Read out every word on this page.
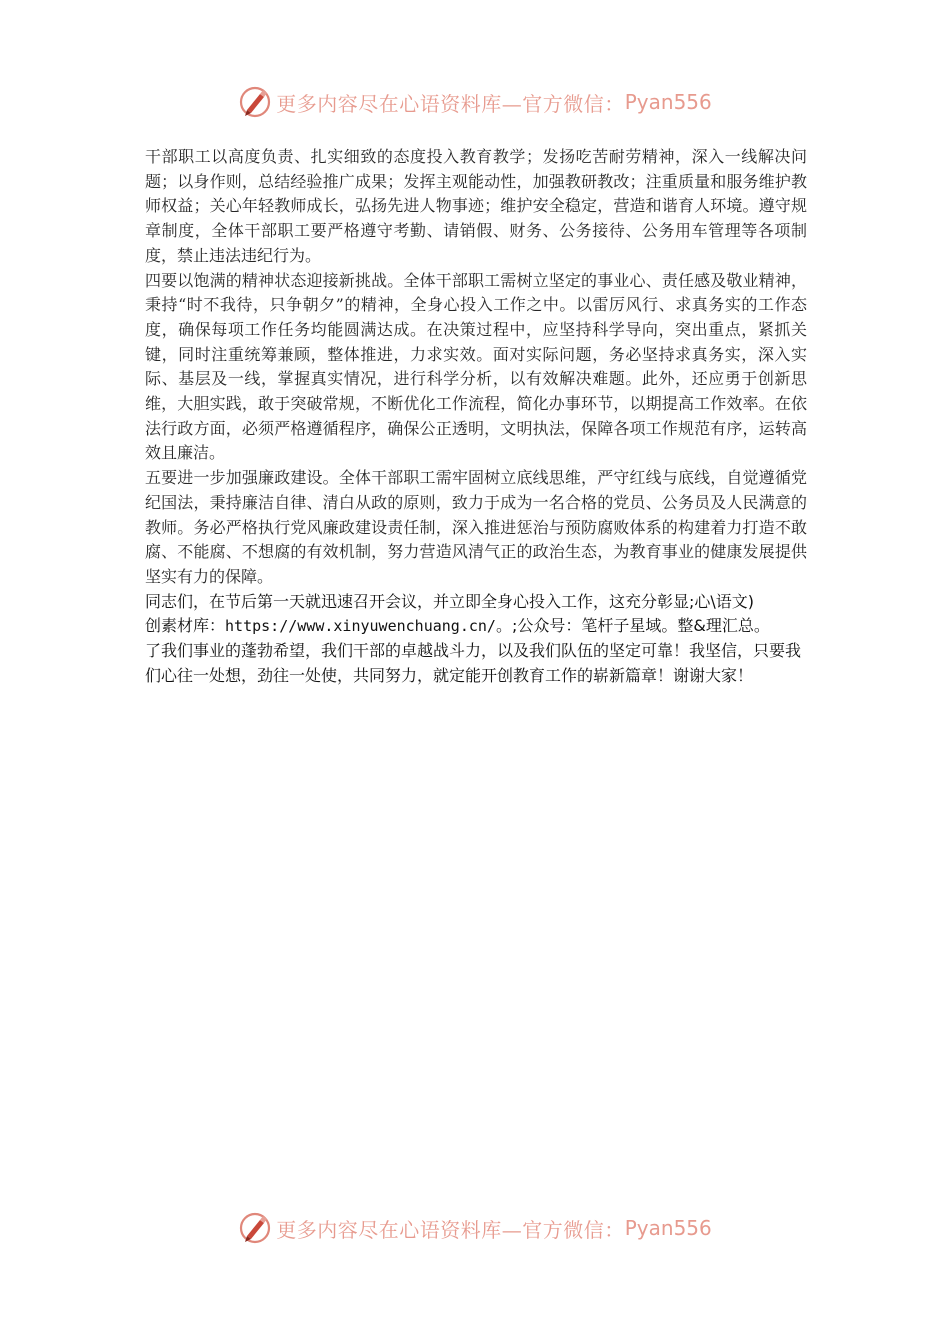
更多内容尽在心语资料库—官方微信： Pyan556

干部职工以高度负责、扎实细致的态度投入教育教学；发扬吃苦耐劳精神，深入一线解决问题；以身作则，总结经验推广成果；发挥主观能动性，加强教研教改；注重质量和服务维护教师权益；关心年轻教师成长，弘扬先进人物事迹；维护安全稳定，营造和谐育人环境。遵守规章制度，全体干部职工要严格遵守考勤、请销假、财务、公务接待、公务用车管理等各项制度，禁止违法违纪行为。

四要以饱满的精神状态迎接新挑战。全体干部职工需树立坚定的事业心、责任感及敬业精神，秉持“时不我待，只争朝夕”的精神，全身心投入工作之中。以雷厉风行、求真务实的工作态度，确保每项工作任务均能圆满达成。在决策过程中，应坚持科学导向，突出重点，紧抓关键，同时注重统筹兼顾，整体推进，力求实效。面对实际问题，务必坚持求真务实，深入实际、基层及一线，掌握真实情况，进行科学分析，以有效解决难题。此外，还应勇于创新思维，大胆实践，敢于突破常规，不断优化工作流程，简化办事环节，以期提高工作效率。在依法行政方面，必须严格遵循程序，确保公正透明，文明执法，保障各项工作规范有序，运转高效且廉洁。

五要进一步加强廉政建设。全体干部职工需牢固树立底线思维，严守红线与底线，自觉遵循党纪国法，秉持廉洁自律、清白从政的原则，致力于成为一名合格的党员、公务员及人民满意的教师。务必严格执行党风廉政建设责任制，深入推进惩治与预防腐败体系的构建着力打造不敢腐、不能腐、不想腐的有效机制，努力营造风清气正的政治生态，为教育事业的健康发展提供坚实有力的保障。

同志们，在节后第一天就迅速召开会议，并立即全身心投入工作，这充分彰显;心\语文)

创素材库：https://www.xinyuwenchuang.cn/。;公众号：笔杆子星域。整&理汇总。

了我们事业的蓬勃希望，我们干部的卓越战斗力，以及我们队伍的坚定可靠！我坚信，只要我们心往一处想，劲往一处使，共同努力，就定能开创教育工作的崭新篇章！谢谢大家！

更多内容尽在心语资料库—官方微信： Pyan556
